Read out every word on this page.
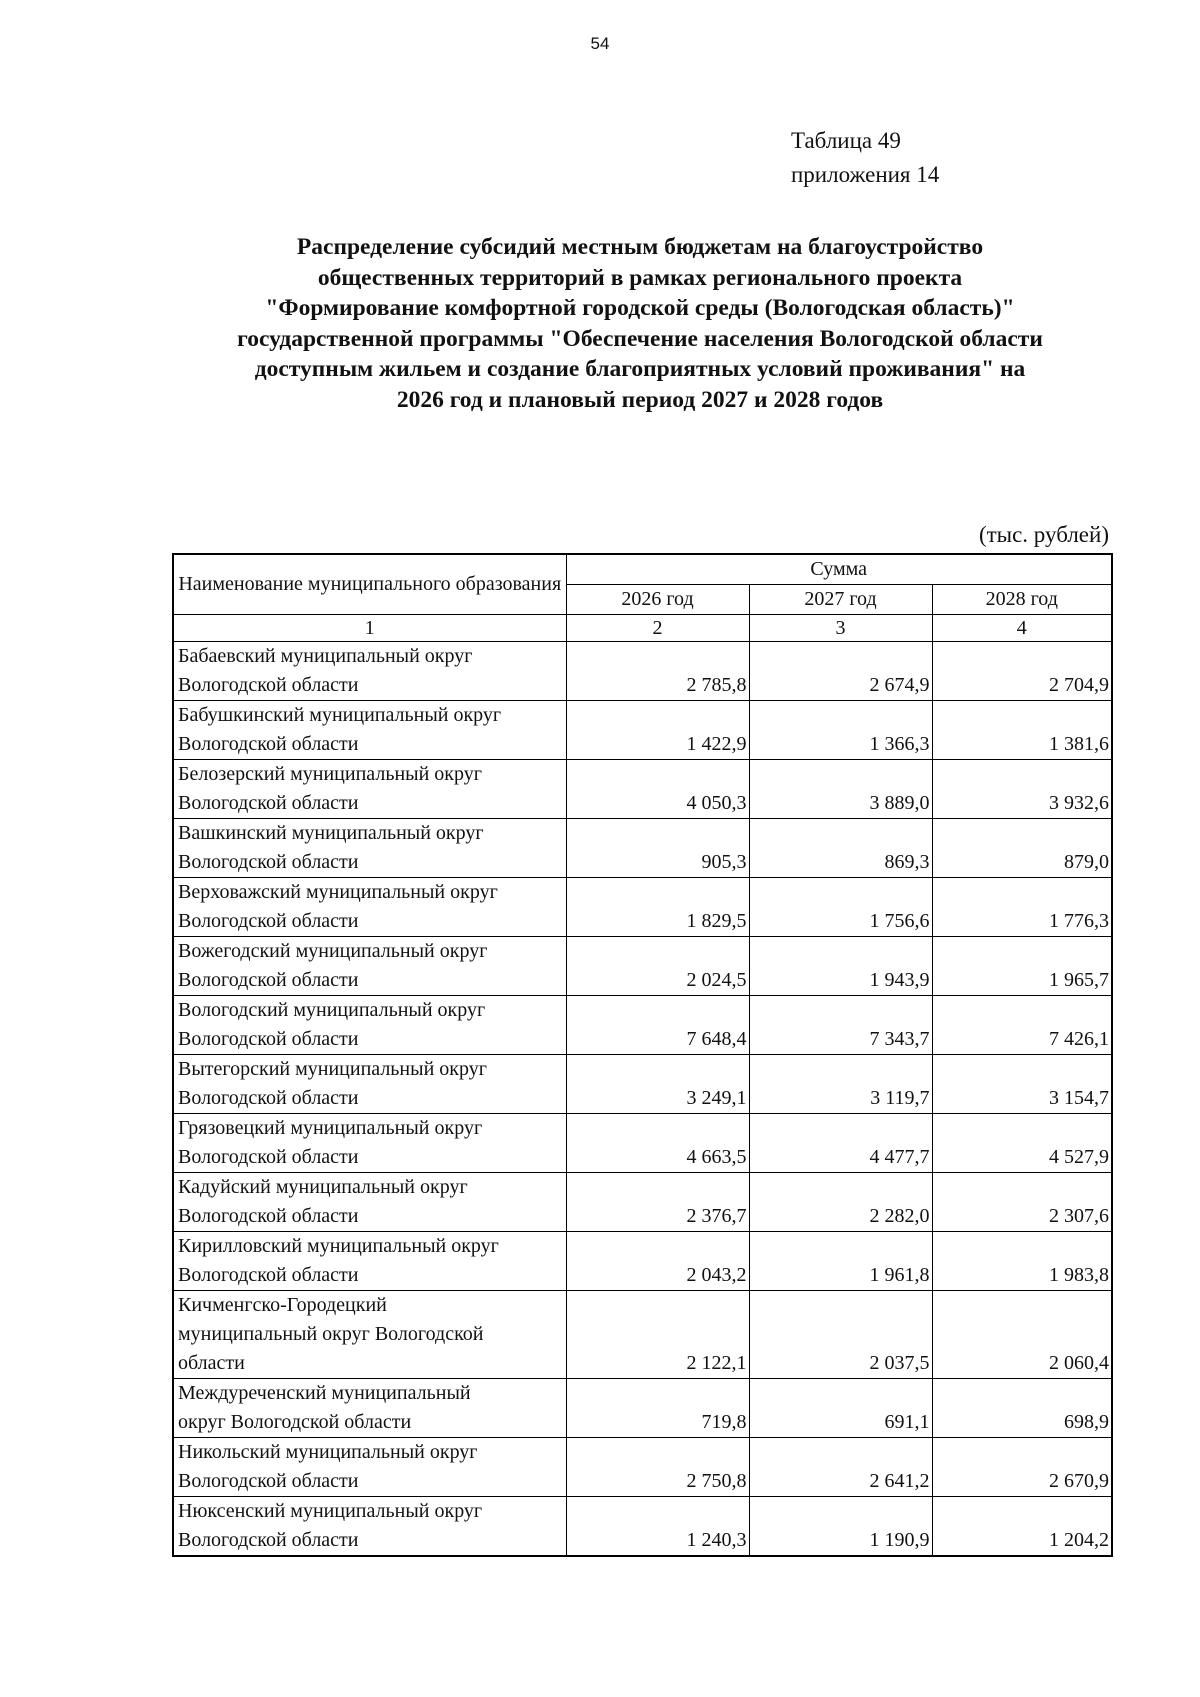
54
Таблица 49
приложения 14
Распределение субсидий местным бюджетам на благоустройство
общественных территорий в рамках регионального проекта
"Формирование комфортной городской среды (Вологодская область)"
государственной программы "Обеспечение населения Вологодской области
доступным жильем и создание благоприятных условий проживания" на
2026 год и плановый период 2027 и 2028 годов
(тыс. рублей)
Наименование муниципального образования	Сумма		
	2026 год	2027 год	2028 год
1	2	3	4

Бабаевский муниципальный округ
Вологодской области	2 785,8	2 674,9	2 704,9

Бабушкинский муниципальный округ
Вологодской области	1 422,9	1 366,3	1 381,6

Белозерский муниципальный округ
Вологодской области	4 050,3	3 889,0	3 932,6

Вашкинский муниципальный округ
Вологодской области	905,3	869,3	879,0

Верховажский муниципальный округ
Вологодской области	1 829,5	1 756,6	1 776,3

Вожегодский муниципальный округ
Вологодской области	2 024,5	1 943,9	1 965,7

Вологодский муниципальный округ
Вологодской области	7 648,4	7 343,7	7 426,1

Вытегорский муниципальный округ
Вологодской области	3 249,1	3 119,7	3 154,7

Грязовецкий муниципальный округ
Вологодской области	4 663,5	4 477,7	4 527,9

Кадуйский муниципальный округ
Вологодской области	2 376,7	2 282,0	2 307,6

Кирилловский муниципальный округ
Вологодской области	2 043,2	1 961,8	1 983,8

Кичменгско-Городецкий
муниципальный округ Вологодской
области	2 122,1	2 037,5	2 060,4

Междуреченский муниципальный
округ Вологодской области	719,8	691,1	698,9

Никольский муниципальный округ
Вологодской области	2 750,8	2 641,2	2 670,9

Нюксенский муниципальный округ
Вологодской области	1 240,3	1 190,9	1 204,2
